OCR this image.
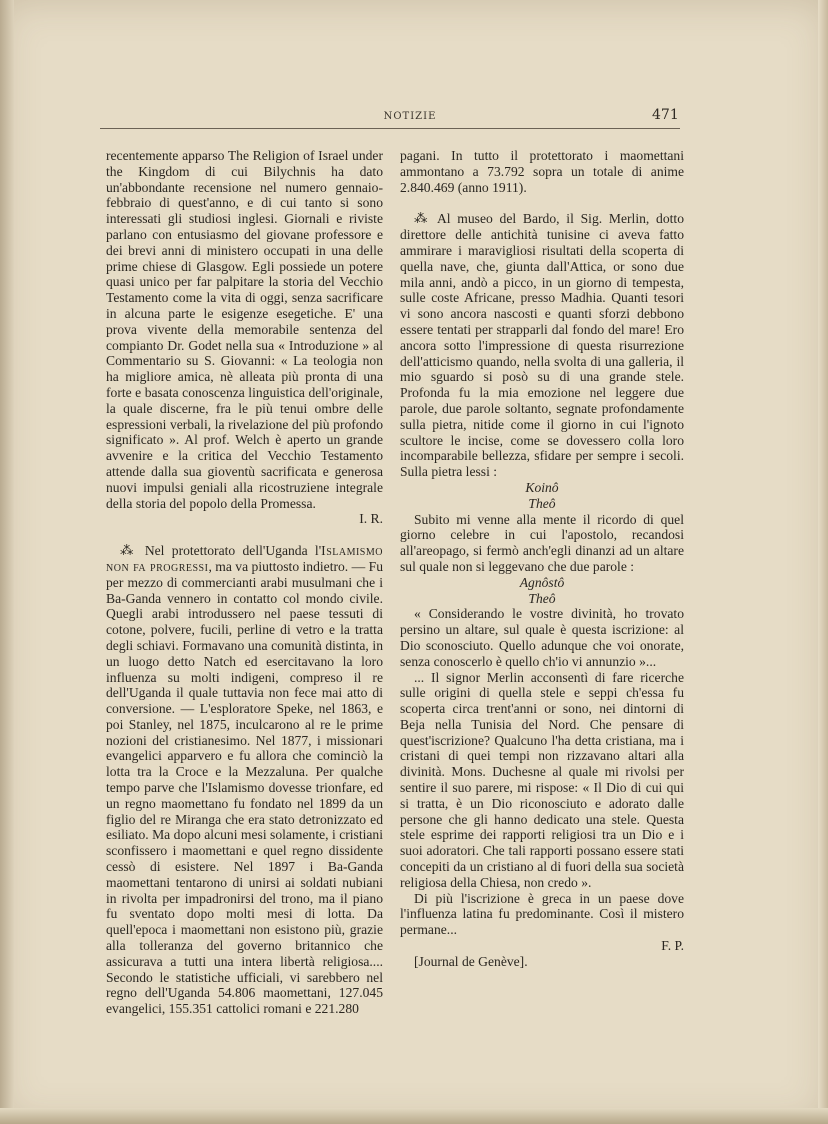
NOTIZIE	471

recentemente apparso The Religion of Israel under the Kingdom di cui Bilychnis ha dato un'abbondante recensione nel numero gennaio-febbraio di quest'anno, e di cui tanto si sono interessati gli studiosi inglesi. Giornali e riviste parlano con entusiasmo del giovane professore e dei brevi anni di ministero occupati in una delle prime chiese di Glasgow. Egli possiede un potere quasi unico per far palpitare la storia del Vecchio Testamento come la vita di oggi, senza sacrificare in alcuna parte le esigenze esegetiche. E' una prova vivente della memorabile sentenza del compianto Dr. Godet nella sua « Introduzione » al Commentario su S. Giovanni: « La teologia non ha migliore amica, nè alleata più pronta di una forte e basata conoscenza linguistica dell'originale, la quale discerne, fra le più tenui ombre delle espressioni verbali, la rivelazione del più profondo significato ». Al prof. Welch è aperto un grande avvenire e la critica del Vecchio Testamento attende dalla sua gioventù sacrificata e generosa nuovi impulsi geniali alla ricostruziene integrale della storia del popolo della Promessa.

I. R.

⁂ Nel protettorato dell'Uganda l'Islamismo non fa progressi, ma va piuttosto indietro. — Fu per mezzo di commercianti arabi musulmani che i Ba-Ganda vennero in contatto col mondo civile. Quegli arabi introdussero nel paese tessuti di cotone, polvere, fucili, perline di vetro e la tratta degli schiavi. Formavano una comunità distinta, in un luogo detto Natch ed esercitavano la loro influenza su molti indigeni, compreso il re dell'Uganda il quale tuttavia non fece mai atto di conversione. — L'esploratore Speke, nel 1863, e poi Stanley, nel 1875, inculcarono al re le prime nozioni del cristianesimo. Nel 1877, i missionari evangelici apparvero e fu allora che cominciò la lotta tra la Croce e la Mezzaluna. Per qualche tempo parve che l'Islamismo dovesse trionfare, ed un regno maomettano fu fondato nel 1899 da un figlio del re Miranga che era stato detronizzato ed esiliato. Ma dopo alcuni mesi solamente, i cristiani sconfissero i maomettani e quel regno dissidente cessò di esistere. Nel 1897 i Ba-Ganda maomettani tentarono di unirsi ai soldati nubiani in rivolta per impadronirsi del trono, ma il piano fu sventato dopo molti mesi di lotta. Da quell'epoca i maomettani non esistono più, grazie alla tolleranza del governo britannico che assicurava a tutti una intera libertà religiosa.... Secondo le statistiche ufficiali, vi sarebbero nel regno dell'Uganda 54.806 maomettani, 127.045 evangelici, 155.351 cattolici romani e 221.280

pagani. In tutto il protettorato i maomettani ammontano a 73.792 sopra un totale di anime 2.840.469 (anno 1911).

⁂ Al museo del Bardo, il Sig. Merlin, dotto direttore delle antichità tunisine ci aveva fatto ammirare i maravigliosi risultati della scoperta di quella nave, che, giunta dall'Attica, or sono due mila anni, andò a picco, in un giorno di tempesta, sulle coste Africane, presso Madhia. Quanti tesori vi sono ancora nascosti e quanti sforzi debbono essere tentati per strapparli dal fondo del mare! Ero ancora sotto l'impressione di questa risurrezione dell'atticismo quando, nella svolta di una galleria, il mio sguardo si posò su di una grande stele. Profonda fu la mia emozione nel leggere due parole, due parole soltanto, segnate profondamente sulla pietra, nitide come il giorno in cui l'ignoto scultore le incise, come se dovessero colla loro incomparabile bellezza, sfidare per sempre i secoli. Sulla pietra lessi :

Koinô

Theô

Subito mi venne alla mente il ricordo di quel giorno celebre in cui l'apostolo, recandosi all'areopago, si fermò anch'egli dinanzi ad un altare sul quale non si leggevano che due parole :

Agnôstô

Theô

« Considerando le vostre divinità, ho trovato persino un altare, sul quale è questa iscrizione: al Dio sconosciuto. Quello adunque che voi onorate, senza conoscerlo è quello ch'io vi annunzio »...

... Il signor Merlin acconsentì di fare ricerche sulle origini di quella stele e seppi ch'essa fu scoperta circa trent'anni or sono, nei dintorni di Beja nella Tunisia del Nord. Che pensare di quest'iscrizione? Qualcuno l'ha detta cristiana, ma i cristani di quei tempi non rizzavano altari alla divinità. Mons. Duchesne al quale mi rivolsi per sentire il suo parere, mi rispose: « Il Dio di cui qui si tratta, è un Dio riconosciuto e adorato dalle persone che gli hanno dedicato una stele. Questa stele esprime dei rapporti religiosi tra un Dio e i suoi adoratori. Che tali rapporti possano essere stati concepiti da un cristiano al di fuori della sua società religiosa della Chiesa, non credo ».

Di più l'iscrizione è greca in un paese dove l'influenza latina fu predominante. Così il mistero permane...

F. P.

[Journal de Genève].
